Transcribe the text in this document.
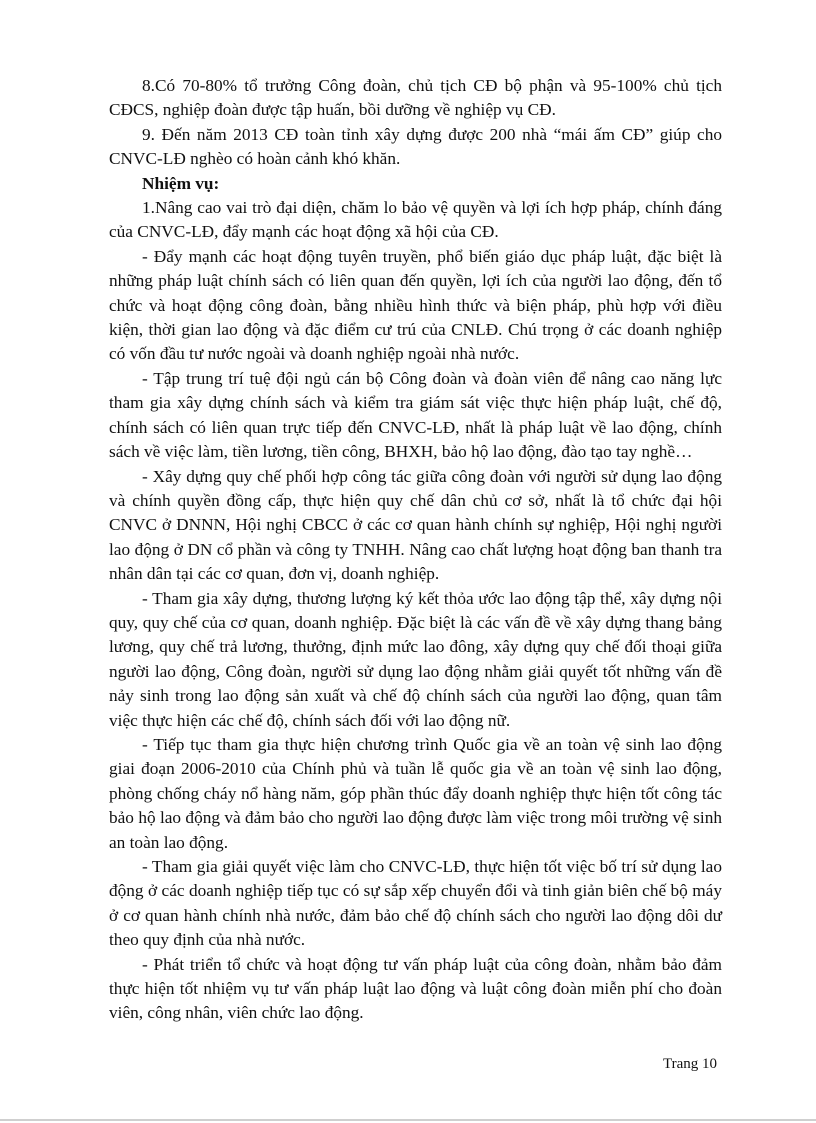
8.Có 70-80% tổ trưởng Công đoàn, chủ tịch CĐ bộ phận và 95-100% chủ tịch CĐCS, nghiệp đoàn được tập huấn, bồi dưỡng về nghiệp vụ CĐ.

9. Đến năm 2013 CĐ toàn tỉnh xây dựng được 200 nhà “mái ấm CĐ” giúp cho CNVC-LĐ nghèo có hoàn cảnh khó khăn.

Nhiệm vụ:

1.Nâng cao vai trò đại diện, chăm lo bảo vệ quyền và lợi ích hợp pháp, chính đáng của CNVC-LĐ, đẩy mạnh các hoạt động xã hội của CĐ.

- Đẩy mạnh các hoạt động tuyên truyền, phổ biến giáo dục pháp luật, đặc biệt là những pháp luật chính sách có liên quan đến quyền, lợi ích của người lao động, đến tổ chức và hoạt động công đoàn, bằng nhiều hình thức và biện pháp, phù hợp với điều kiện, thời gian lao động và đặc điểm cư trú của CNLĐ. Chú trọng ở các doanh nghiệp có vốn đầu tư nước ngoài và doanh nghiệp ngoài nhà nước.

- Tập trung trí tuệ đội ngủ cán bộ Công đoàn và đoàn viên để nâng cao năng lực tham gia xây dựng chính sách và kiểm tra giám sát việc thực hiện pháp luật, chế độ, chính sách có liên quan trực tiếp đến CNVC-LĐ, nhất là pháp luật về lao động, chính sách về việc làm, tiền lương, tiền công, BHXH, bảo hộ lao động, đào tạo tay nghề…

- Xây dựng quy chế phối hợp công tác giữa công đoàn với người sử dụng lao động và chính quyền đồng cấp, thực hiện quy chế dân chủ cơ sở, nhất là tổ chức đại hội CNVC ở DNNN, Hội nghị CBCC ở các cơ quan hành chính sự nghiệp, Hội nghị người lao động ở DN cổ phần và công ty TNHH. Nâng cao chất lượng hoạt động ban thanh tra nhân dân tại các cơ quan, đơn vị, doanh nghiệp.

- Tham gia xây dựng, thương lượng ký kết thỏa ước lao động tập thể, xây dựng nội quy, quy chế của cơ quan, doanh nghiệp. Đặc biệt là các vấn đề về xây dựng thang bảng lương, quy chế trả lương, thưởng, định mức lao đông, xây dựng quy chế đối thoại giữa người lao động, Công đoàn, người sử dụng lao động nhằm giải quyết tốt những vấn đề nảy sinh trong lao động sản xuất và chế độ chính sách của người lao động, quan tâm việc thực hiện các chế độ, chính sách đối với lao động nữ.

- Tiếp tục tham gia thực hiện chương trình Quốc gia về an toàn vệ sinh lao động giai đoạn 2006-2010 của Chính phủ và tuần lễ quốc gia về an toàn vệ sinh lao động, phòng chống cháy nổ hàng năm, góp phần thúc đẩy doanh nghiệp thực hiện tốt công tác bảo hộ lao động và đảm bảo cho người lao động được làm việc trong môi trường vệ sinh an toàn lao động.

- Tham gia giải quyết việc làm cho CNVC-LĐ, thực hiện tốt việc bố trí sử dụng lao động ở các doanh nghiệp tiếp tục có sự sắp xếp chuyển đổi và tinh giản biên chế bộ máy ở cơ quan hành chính nhà nước, đảm bảo chế độ chính sách cho người lao động dôi dư theo quy định của nhà nước.

- Phát triển tổ chức và hoạt động tư vấn pháp luật của công đoàn, nhằm bảo đảm thực hiện tốt nhiệm vụ tư vấn pháp luật lao động và luật công đoàn miễn phí cho đoàn viên, công nhân, viên chức lao động.

Trang 10
